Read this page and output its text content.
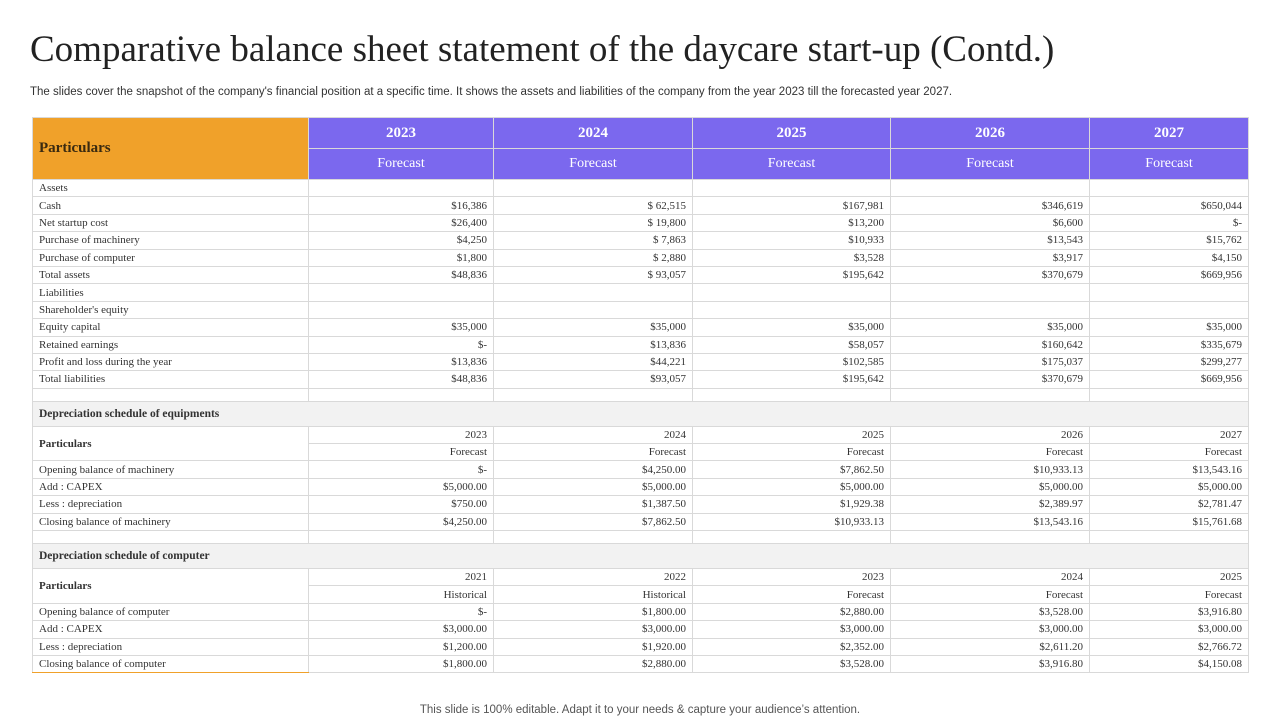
Comparative balance sheet statement of the daycare start-up (Contd.)

The slides cover the snapshot of the company's financial position at a specific time. It shows the assets and liabilities of the company from the year 2023 till the forecasted year 2027.

Particulars	2023	2024	2025	2026	2027
	Forecast	Forecast	Forecast	Forecast	Forecast
Assets					
Cash	$16,386	$ 62,515	$167,981	$346,619	$650,044
Net startup cost	$26,400	$ 19,800	$13,200	$6,600	$-
Purchase of machinery	$4,250	$ 7,863	$10,933	$13,543	$15,762
Purchase of computer	$1,800	$ 2,880	$3,528	$3,917	$4,150
Total assets	$48,836	$ 93,057	$195,642	$370,679	$669,956
Liabilities					
Shareholder's equity					
Equity capital	$35,000	$35,000	$35,000	$35,000	$35,000
Retained earnings	$-	$13,836	$58,057	$160,642	$335,679
Profit and loss during the year	$13,836	$44,221	$102,585	$175,037	$299,277
Total liabilities	$48,836	$93,057	$195,642	$370,679	$669,956

Depreciation schedule of equipments					
Particulars	2023	2024	2025	2026	2027
	Forecast	Forecast	Forecast	Forecast	Forecast
Opening balance of machinery	$-	$4,250.00	$7,862.50	$10,933.13	$13,543.16
Add : CAPEX	$5,000.00	$5,000.00	$5,000.00	$5,000.00	$5,000.00
Less : depreciation	$750.00	$1,387.50	$1,929.38	$2,389.97	$2,781.47
Closing balance of machinery	$4,250.00	$7,862.50	$10,933.13	$13,543.16	$15,761.68

Depreciation schedule of computer					
Particulars	2021	2022	2023	2024	2025
	Historical	Historical	Forecast	Forecast	Forecast
Opening balance of computer	$-	$1,800.00	$2,880.00	$3,528.00	$3,916.80
Add : CAPEX	$3,000.00	$3,000.00	$3,000.00	$3,000.00	$3,000.00
Less : depreciation	$1,200.00	$1,920.00	$2,352.00	$2,611.20	$2,766.72
Closing balance of computer	$1,800.00	$2,880.00	$3,528.00	$3,916.80	$4,150.08
This slide is 100% editable. Adapt it to your needs & capture your audience’s attention.
